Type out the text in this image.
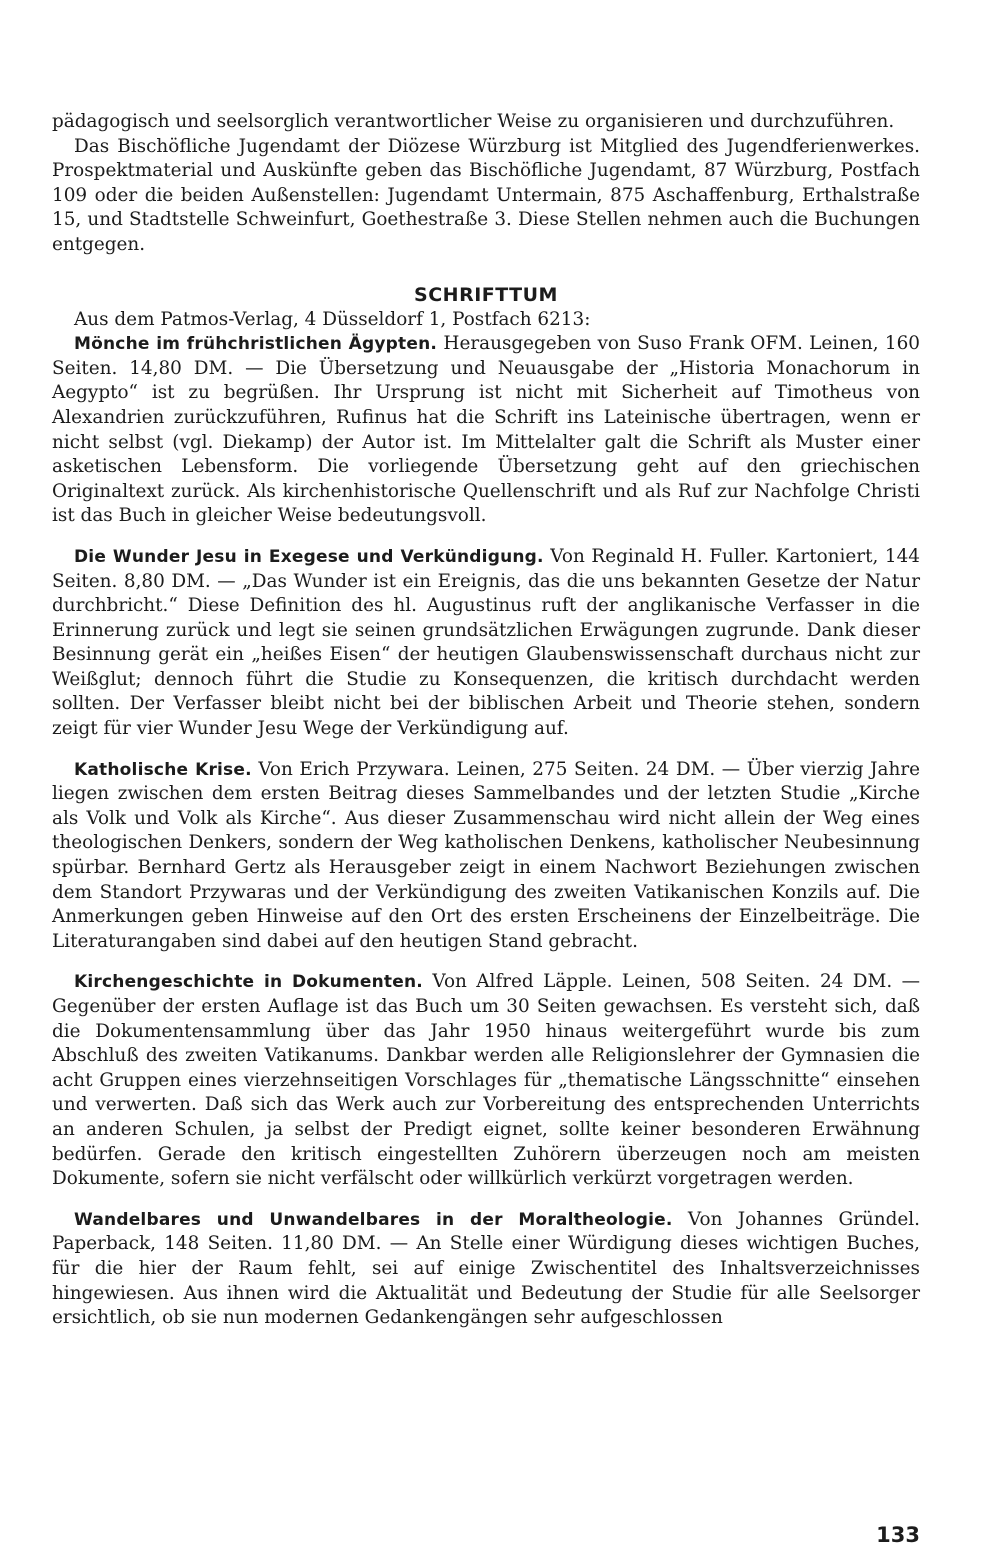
pädagogisch und seelsorglich verantwortlicher Weise zu organisieren und durchzuführen.

Das Bischöfliche Jugendamt der Diözese Würzburg ist Mitglied des Jugendferienwerkes. Prospektmaterial und Auskünfte geben das Bischöfliche Jugendamt, 87 Würzburg, Postfach 109 oder die beiden Außenstellen: Jugendamt Untermain, 875 Aschaffenburg, Erthalstraße 15, und Stadtstelle Schweinfurt, Goethestraße 3. Diese Stellen nehmen auch die Buchungen entgegen.

SCHRIFTTUM

Aus dem Patmos-Verlag, 4 Düsseldorf 1, Postfach 6213:

Mönche im frühchristlichen Ägypten. Herausgegeben von Suso Frank OFM. Leinen, 160 Seiten. 14,80 DM. — Die Übersetzung und Neuausgabe der „Historia Monachorum in Aegypto“ ist zu begrüßen. Ihr Ursprung ist nicht mit Sicherheit auf Timotheus von Alexandrien zurückzuführen, Rufinus hat die Schrift ins Lateinische übertragen, wenn er nicht selbst (vgl. Diekamp) der Autor ist. Im Mittelalter galt die Schrift als Muster einer asketischen Lebensform. Die vorliegende Übersetzung geht auf den griechischen Originaltext zurück. Als kirchenhistorische Quellenschrift und als Ruf zur Nachfolge Christi ist das Buch in gleicher Weise bedeutungsvoll.

Die Wunder Jesu in Exegese und Verkündigung. Von Reginald H. Fuller. Kartoniert, 144 Seiten. 8,80 DM. — „Das Wunder ist ein Ereignis, das die uns bekannten Gesetze der Natur durchbricht.“ Diese Definition des hl. Augustinus ruft der anglikanische Verfasser in die Erinnerung zurück und legt sie seinen grundsätzlichen Erwägungen zugrunde. Dank dieser Besinnung gerät ein „heißes Eisen“ der heutigen Glaubenswissenschaft durchaus nicht zur Weißglut; dennoch führt die Studie zu Konsequenzen, die kritisch durchdacht werden sollten. Der Verfasser bleibt nicht bei der biblischen Arbeit und Theorie stehen, sondern zeigt für vier Wunder Jesu Wege der Verkündigung auf.

Katholische Krise. Von Erich Przywara. Leinen, 275 Seiten. 24 DM. — Über vierzig Jahre liegen zwischen dem ersten Beitrag dieses Sammelbandes und der letzten Studie „Kirche als Volk und Volk als Kirche“. Aus dieser Zusammenschau wird nicht allein der Weg eines theologischen Denkers, sondern der Weg katholischen Denkens, katholischer Neubesinnung spürbar. Bernhard Gertz als Herausgeber zeigt in einem Nachwort Beziehungen zwischen dem Standort Przywaras und der Verkündigung des zweiten Vatikanischen Konzils auf. Die Anmerkungen geben Hinweise auf den Ort des ersten Erscheinens der Einzelbeiträge. Die Literaturangaben sind dabei auf den heutigen Stand gebracht.

Kirchengeschichte in Dokumenten. Von Alfred Läpple. Leinen, 508 Seiten. 24 DM. — Gegenüber der ersten Auflage ist das Buch um 30 Seiten gewachsen. Es versteht sich, daß die Dokumentensammlung über das Jahr 1950 hinaus weitergeführt wurde bis zum Abschluß des zweiten Vatikanums. Dankbar werden alle Religionslehrer der Gymnasien die acht Gruppen eines vierzehnseitigen Vorschlages für „thematische Längsschnitte“ einsehen und verwerten. Daß sich das Werk auch zur Vorbereitung des entsprechenden Unterrichts an anderen Schulen, ja selbst der Predigt eignet, sollte keiner besonderen Erwähnung bedürfen. Gerade den kritisch eingestellten Zuhörern überzeugen noch am meisten Dokumente, sofern sie nicht verfälscht oder willkürlich verkürzt vorgetragen werden.

Wandelbares und Unwandelbares in der Moraltheologie. Von Johannes Gründel. Paperback, 148 Seiten. 11,80 DM. — An Stelle einer Würdigung dieses wichtigen Buches, für die hier der Raum fehlt, sei auf einige Zwischentitel des Inhaltsverzeichnisses hingewiesen. Aus ihnen wird die Aktualität und Bedeutung der Studie für alle Seelsorger ersichtlich, ob sie nun modernen Gedankengängen sehr aufgeschlossen

133
